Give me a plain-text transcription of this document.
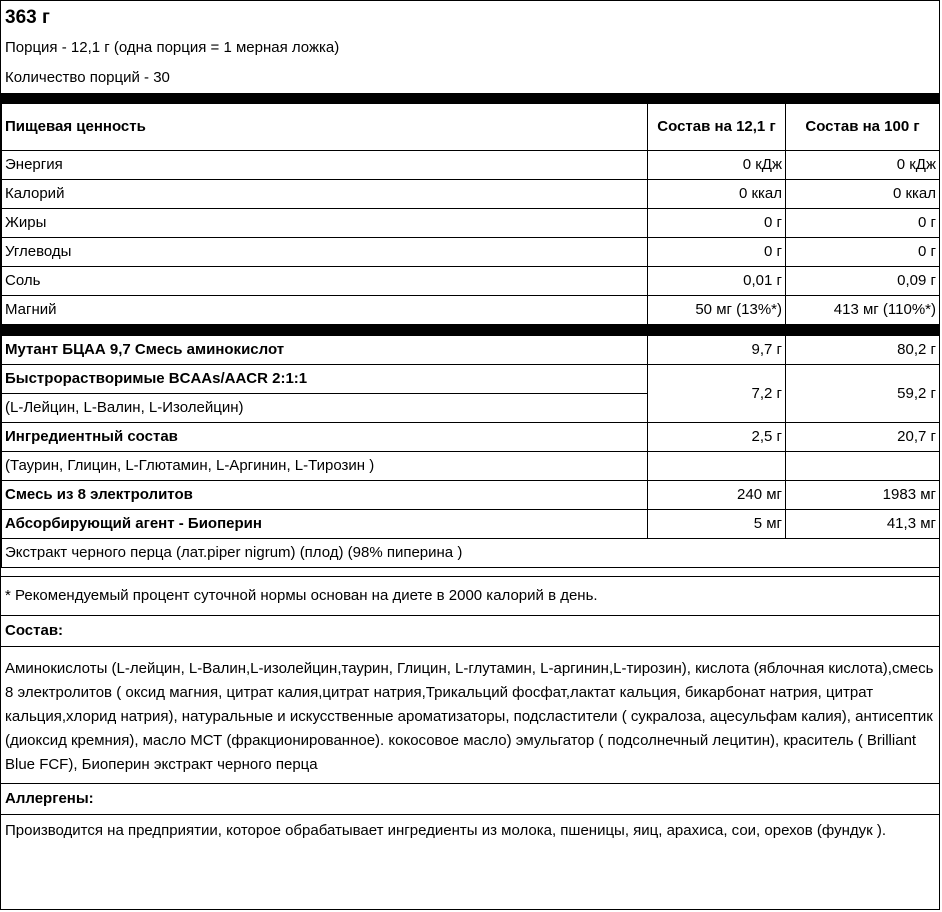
363 г
Порция - 12,1 г (одна порция = 1 мерная ложка)
Количество порций - 30
Пищевая ценность	Состав на 12,1 г	Состав на 100 г
Энергия	0 кДж	0 кДж
Калорий	0 ккал	0 ккал
Жиры	0 г	0 г
Углеводы	0 г	0 г
Соль	0,01 г	0,09 г
Магний	50 мг (13%*)	413 мг (110%*)
Мутант БЦАА 9,7 Смесь аминокислот	9,7 г	80,2 г
Быстрорастворимые BCAAs/AACR 2:1:1	7,2 г	59,2 г
(L-Лейцин, L-Валин, L-Изолейцин)		
Ингредиентный состав	2,5 г	20,7 г
(Таурин, Глицин, L-Глютамин, L-Аргинин, L-Тирозин )		
Смесь из 8 электролитов	240 мг	1983 мг
Абсорбирующий агент - Биоперин	5 мг	41,3 мг
Экстракт черного перца (лат.piper nigrum) (плод) (98% пиперина )		
* Рекомендуемый процент суточной нормы основан на диете в 2000 калорий в день.
Состав:
Аминокислоты (L-лейцин, L-Валин,L-изолейцин,таурин, Глицин, L-глутамин, L-аргинин,L-тирозин), кислота (яблочная кислота),смесь 8 электролитов ( оксид магния, цитрат калия,цитрат натрия,Трикальций фосфат,лактат кальция, бикарбонат натрия, цитрат кальция,хлорид натрия), натуральные и искусственные ароматизаторы, подсластители ( сукралоза, ацесульфам калия), антисептик (диоксид кремния), масло МСТ (фракционированное). кокосовое масло) эмульгатор ( подсолнечный лецитин), краситель ( Brilliant Blue FCF), Биоперин экстракт черного перца
Аллергены:
Производится на предприятии, которое обрабатывает ингредиенты из молока, пшеницы, яиц, арахиса, сои, орехов (фундук ).
